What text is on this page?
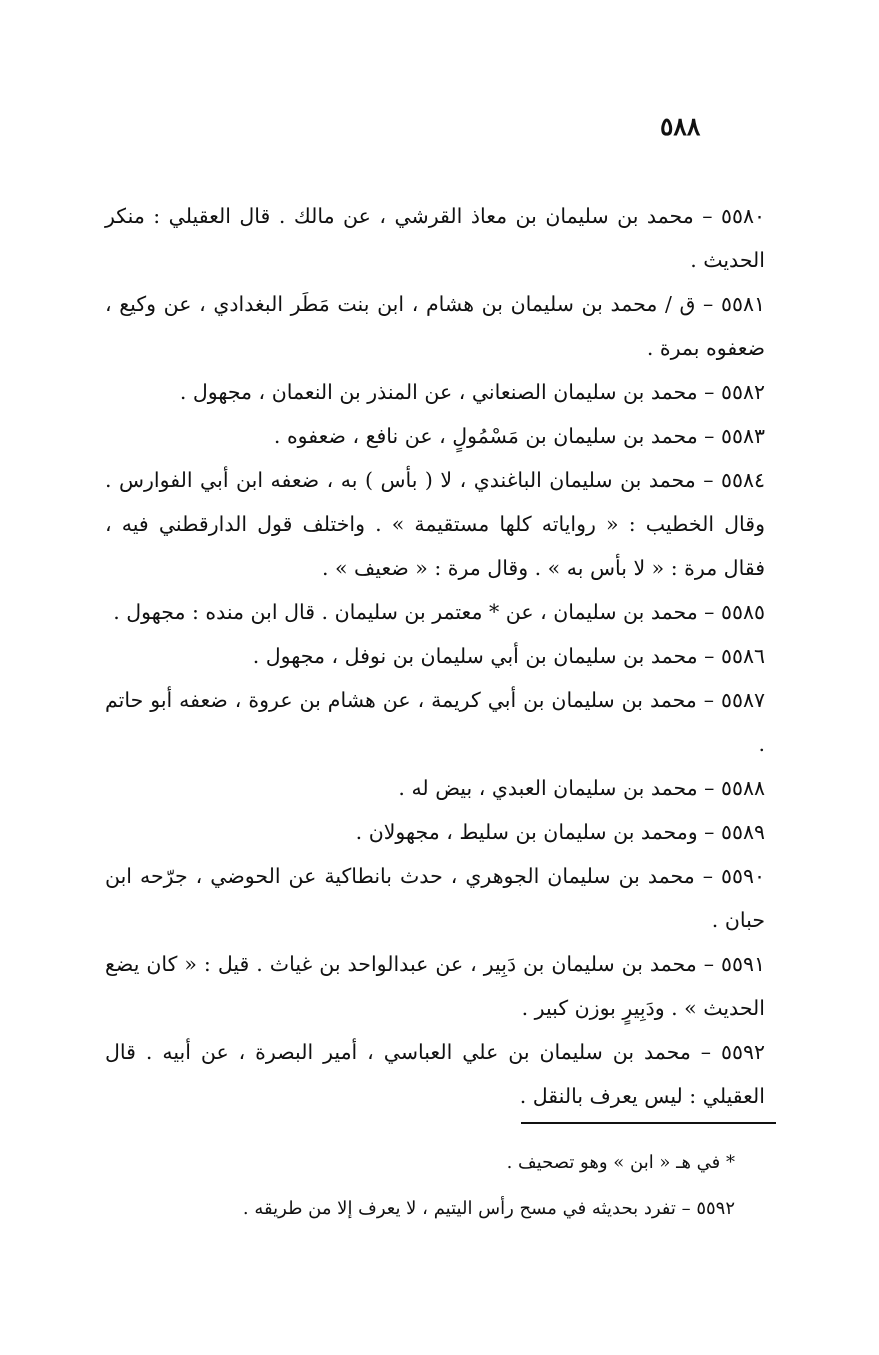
٥٨٨

٥٥٨٠ – محمد بن سليمان بن معاذ القرشي ، عن مالك . قال العقيلي : منكر الحديث .

٥٥٨١ – ق / محمد بن سليمان بن هشام ، ابن بنت مَطَر البغدادي ، عن وكيع ، ضعفوه بمرة .

٥٥٨٢ – محمد بن سليمان الصنعاني ، عن المنذر بن النعمان ، مجهول .

٥٥٨٣ – محمد بن سليمان بن مَسْمُولٍ ، عن نافع ، ضعفوه .

٥٥٨٤ – محمد بن سليمان الباغندي ، لا ( بأس ) به ، ضعفه ابن أبي الفوارس . وقال الخطيب : « رواياته كلها مستقيمة » . واختلف قول الدارقطني فيه ، فقال مرة : « لا بأس به » . وقال مرة : « ضعيف » .

٥٥٨٥ – محمد بن سليمان ، عن * معتمر بن سليمان . قال ابن منده : مجهول .

٥٥٨٦ – محمد بن سليمان بن أبي سليمان بن نوفل ، مجهول .

٥٥٨٧ – محمد بن سليمان بن أبي كريمة ، عن هشام بن عروة ، ضعفه أبو حاتم .

٥٥٨٨ – محمد بن سليمان العبدي ، بيض له .

٥٥٨٩ – ومحمد بن سليمان بن سليط ، مجهولان .

٥٥٩٠ – محمد بن سليمان الجوهري ، حدث بانطاكية عن الحوضي ، جرّحه ابن حبان .

٥٥٩١ – محمد بن سليمان بن دَبِير ، عن عبدالواحد بن غياث . قيل : « كان يضع الحديث » . ودَبِيرٍ بوزن كبير .

٥٥٩٢ – محمد بن سليمان بن علي العباسي ، أمير البصرة ، عن أبيه . قال العقيلي : ليس يعرف بالنقل .

* في هـ « ابن » وهو تصحيف .

٥٥٩٢ – تفرد بحديثه في مسح رأس اليتيم ، لا يعرف إلا من طريقه .
